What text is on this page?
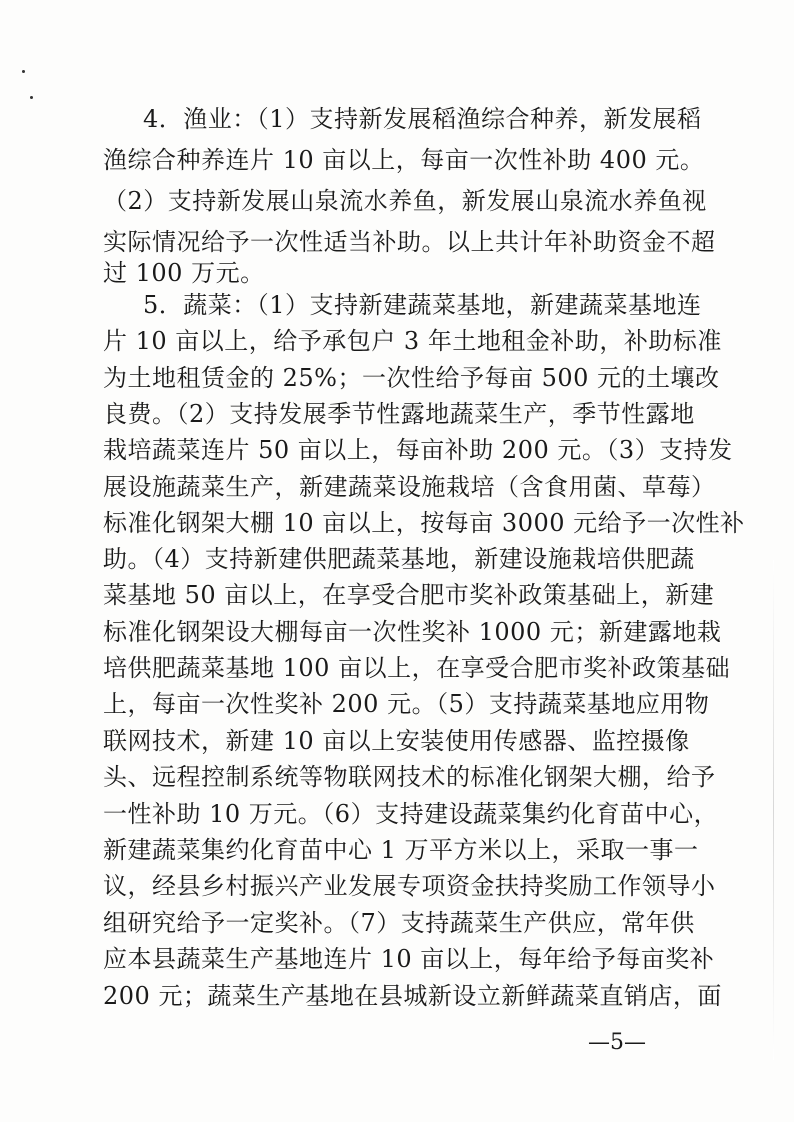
4．渔业：（1）支持新发展稻渔综合种养，新发展稻
渔综合种养连片 10 亩以上，每亩一次性补助 400 元。
（2）支持新发展山泉流水养鱼，新发展山泉流水养鱼视
实际情况给予一次性适当补助。以上共计年补助资金不超
过 100 万元。
5．蔬菜：（1）支持新建蔬菜基地，新建蔬菜基地连
片 10 亩以上，给予承包户 3 年土地租金补助，补助标准
为土地租赁金的 25%；一次性给予每亩 500 元的土壤改
良费。（2）支持发展季节性露地蔬菜生产，季节性露地
栽培蔬菜连片 50 亩以上，每亩补助 200 元。（3）支持发
展设施蔬菜生产，新建蔬菜设施栽培（含食用菌、草莓）
标准化钢架大棚 10 亩以上，按每亩 3000 元给予一次性补
助。（4）支持新建供肥蔬菜基地，新建设施栽培供肥蔬
菜基地 50 亩以上，在享受合肥市奖补政策基础上，新建
标准化钢架设大棚每亩一次性奖补 1000 元；新建露地栽
培供肥蔬菜基地 100 亩以上，在享受合肥市奖补政策基础
上，每亩一次性奖补 200 元。（5）支持蔬菜基地应用物
联网技术，新建 10 亩以上安装使用传感器、监控摄像
头、远程控制系统等物联网技术的标准化钢架大棚，给予
一性补助 10 万元。（6）支持建设蔬菜集约化育苗中心，
新建蔬菜集约化育苗中心 1 万平方米以上，采取一事一
议，经县乡村振兴产业发展专项资金扶持奖励工作领导小
组研究给予一定奖补。（7）支持蔬菜生产供应，常年供
应本县蔬菜生产基地连片 10 亩以上，每年给予每亩奖补
200 元；蔬菜生产基地在县城新设立新鲜蔬菜直销店，面
—5—
